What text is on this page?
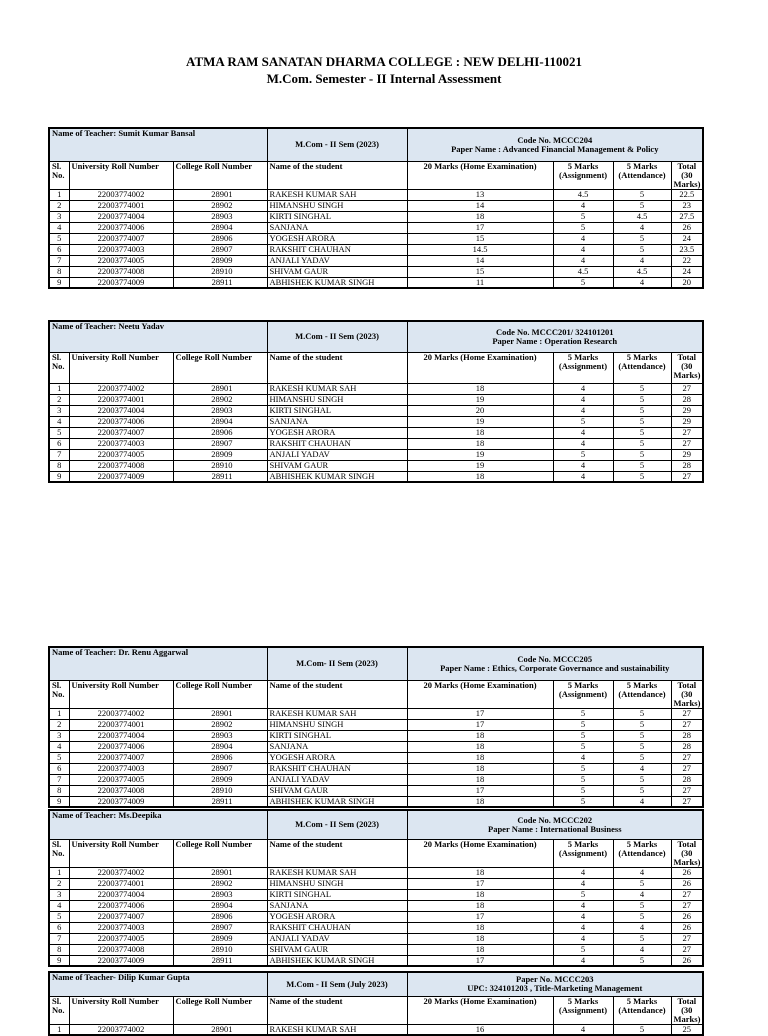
ATMA RAM SANATAN DHARMA COLLEGE : NEW DELHI-110021
M.Com. Semester - II Internal Assessment
Name of Teacher: Sumit Kumar Bansal			M.Com - II Sem (2023)	Code No. MCCC204
Paper Name : Advanced Financial Management & Policy			

Sl. No.	University Roll Number	College Roll Number	Name of the student	20 Marks (Home Examination)	5 Marks (Assignment)	5 Marks (Attendance)	Total (30 Marks)
1	22003774002	28901	RAKESH KUMAR SAH	13	4.5	5	22.5
2	22003774001	28902	HIMANSHU SINGH	14	4	5	23
3	22003774004	28903	KIRTI SINGHAL	18	5	4.5	27.5
4	22003774006	28904	SANJANA	17	5	4	26
5	22003774007	28906	YOGESH ARORA	15	4	5	24
6	22003774003	28907	RAKSHIT CHAUHAN	14.5	4	5	23.5
7	22003774005	28909	ANJALI YADAV	14	4	4	22
8	22003774008	28910	SHIVAM GAUR	15	4.5	4.5	24
9	22003774009	28911	ABHISHEK KUMAR SINGH	11	5	4	20
Name of Teacher: Neetu Yadav			M.Com - II Sem (2023)	Code No. MCCC201/ 324101201
Paper Name : Operation Research			

Sl. No.	University Roll Number	College Roll Number	Name of the student	20 Marks (Home Examination)	5 Marks (Assignment)	5 Marks (Attendance)	Total (30 Marks)
1	22003774002	28901	RAKESH KUMAR SAH	18	4	5	27
2	22003774001	28902	HIMANSHU SINGH	19	4	5	28
3	22003774004	28903	KIRTI SINGHAL	20	4	5	29
4	22003774006	28904	SANJANA	19	5	5	29
5	22003774007	28906	YOGESH ARORA	18	4	5	27
6	22003774003	28907	RAKSHIT CHAUHAN	18	4	5	27
7	22003774005	28909	ANJALI YADAV	19	5	5	29
8	22003774008	28910	SHIVAM GAUR	19	4	5	28
9	22003774009	28911	ABHISHEK KUMAR SINGH	18	4	5	27
Name of Teacher: Dr. Renu Aggarwal			M.Com- II Sem (2023)	Code No. MCCC205
Paper Name : Ethics, Corporate Governance and sustainability			

Sl. No.	University Roll Number	College Roll Number	Name of the student	20 Marks (Home Examination)	5 Marks (Assignment)	5 Marks (Attendance)	Total (30 Marks)
1	22003774002	28901	RAKESH KUMAR SAH	17	5	5	27
2	22003774001	28902	HIMANSHU SINGH	17	5	5	27
3	22003774004	28903	KIRTI SINGHAL	18	5	5	28
4	22003774006	28904	SANJANA	18	5	5	28
5	22003774007	28906	YOGESH ARORA	18	4	5	27
6	22003774003	28907	RAKSHIT CHAUHAN	18	5	4	27
7	22003774005	28909	ANJALI YADAV	18	5	5	28
8	22003774008	28910	SHIVAM GAUR	17	5	5	27
9	22003774009	28911	ABHISHEK KUMAR SINGH	18	5	4	27
Name of Teacher: Ms.Deepika			M.Com - II Sem (2023)	Code No. MCCC202
Paper Name : International Business			

Sl. No.	University Roll Number	College Roll Number	Name of the student	20 Marks (Home Examination)	5 Marks (Assignment)	5 Marks (Attendance)	Total (30 Marks)
1	22003774002	28901	RAKESH KUMAR SAH	18	4	4	26
2	22003774001	28902	HIMANSHU SINGH	17	4	5	26
3	22003774004	28903	KIRTI SINGHAL	18	5	4	27
4	22003774006	28904	SANJANA	18	4	5	27
5	22003774007	28906	YOGESH ARORA	17	4	5	26
6	22003774003	28907	RAKSHIT CHAUHAN	18	4	4	26
7	22003774005	28909	ANJALI YADAV	18	4	5	27
8	22003774008	28910	SHIVAM GAUR	18	5	4	27
9	22003774009	28911	ABHISHEK KUMAR SINGH	17	4	5	26
Name of Teacher- Dilip Kumar Gupta			M.Com - II Sem (July 2023)	Paper No. MCCC203
UPC: 324101203 , Title-Marketing Management			

Sl. No.	University Roll Number	College Roll Number	Name of the student	20 Marks (Home Examination)	5 Marks (Assignment)	5 Marks (Attendance)	Total (30 Marks)
1	22003774002	28901	RAKESH KUMAR SAH	16	4	5	25
